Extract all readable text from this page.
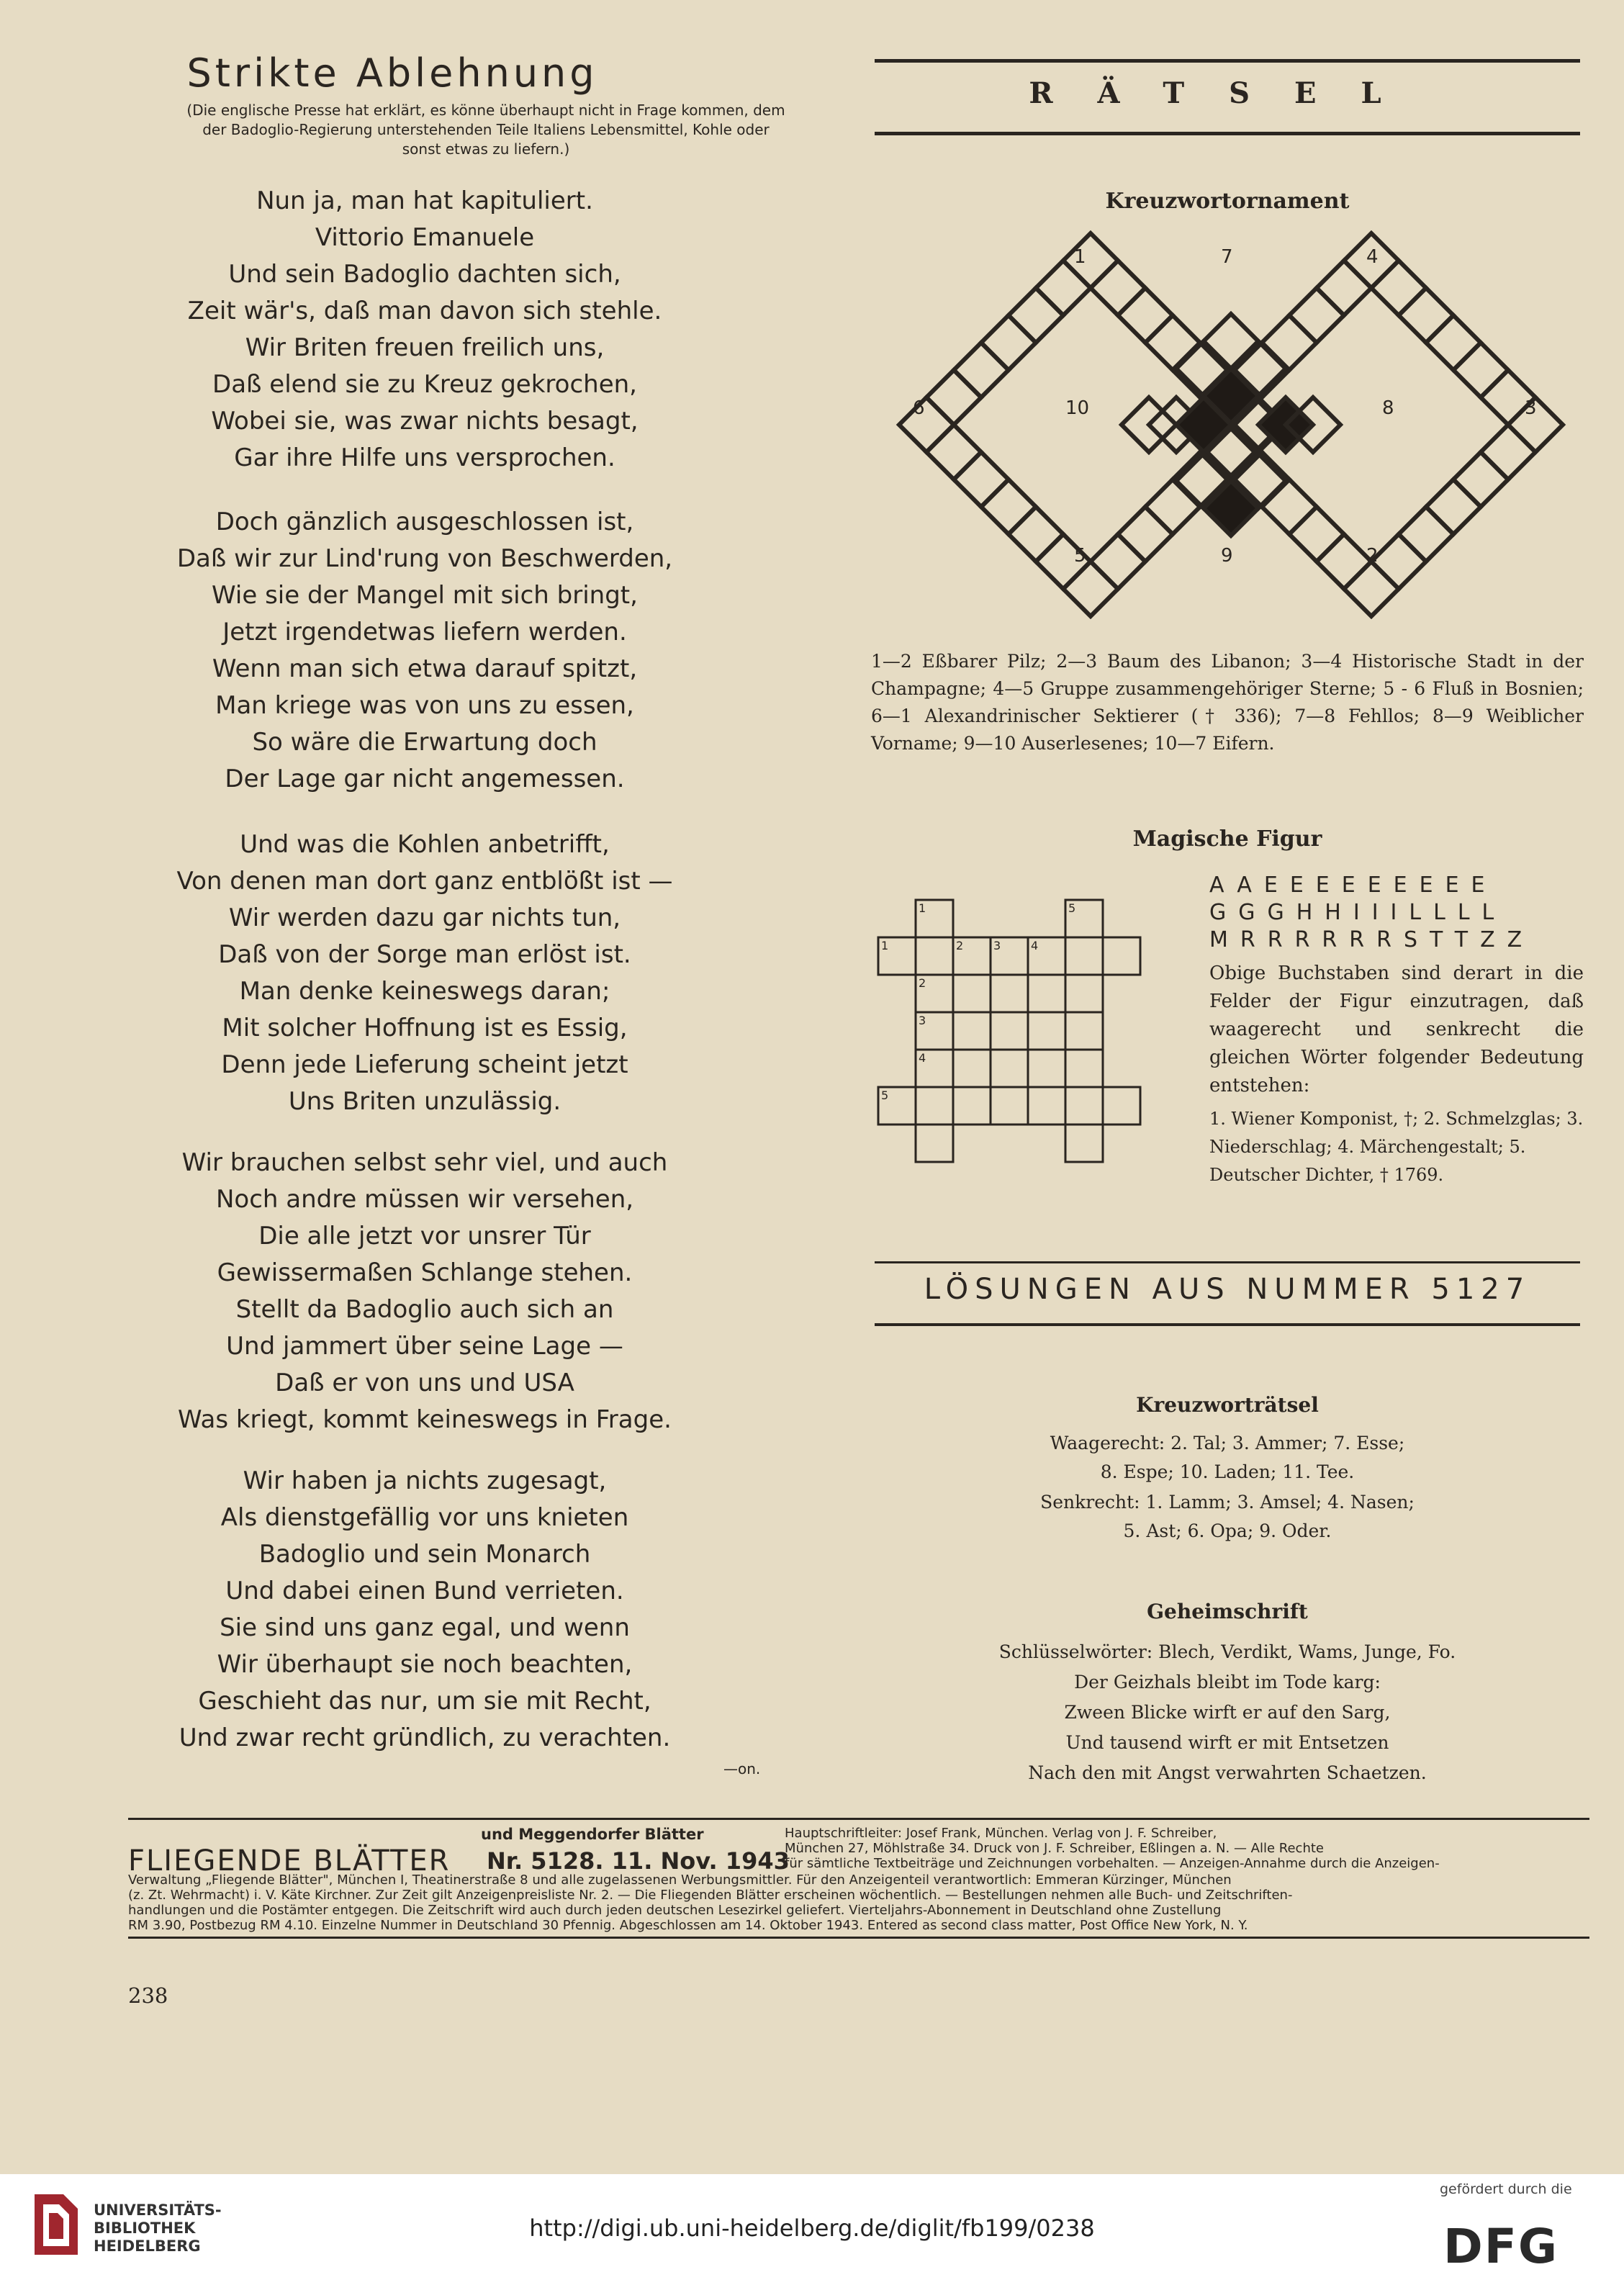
Strikte Ablehnung
(Die englische Presse hat erklärt, es könne überhaupt nicht in Frage kommen, dem
der Badoglio-Regierung unterstehenden Teile Italiens Lebensmittel, Kohle oder
sonst etwas zu liefern.)
Nun ja, man hat kapituliert.
Vittorio Emanuele
Und sein Badoglio dachten sich,
Zeit wär's, daß man davon sich stehle.
Wir Briten freuen freilich uns,
Daß elend sie zu Kreuz gekrochen,
Wobei sie, was zwar nichts besagt,
Gar ihre Hilfe uns versprochen.
Doch gänzlich ausgeschlossen ist,
Daß wir zur Lind'rung von Beschwerden,
Wie sie der Mangel mit sich bringt,
Jetzt irgendetwas liefern werden.
Wenn man sich etwa darauf spitzt,
Man kriege was von uns zu essen,
So wäre die Erwartung doch
Der Lage gar nicht angemessen.
Und was die Kohlen anbetrifft,
Von denen man dort ganz entblößt ist —
Wir werden dazu gar nichts tun,
Daß von der Sorge man erlöst ist.
Man denke keineswegs daran;
Mit solcher Hoffnung ist es Essig,
Denn jede Lieferung scheint jetzt
Uns Briten unzulässig.
Wir brauchen selbst sehr viel, und auch
Noch andre müssen wir versehen,
Die alle jetzt vor unsrer Tür
Gewissermaßen Schlange stehen.
Stellt da Badoglio auch sich an
Und jammert über seine Lage —
Daß er von uns und USA
Was kriegt, kommt keineswegs in Frage.
Wir haben ja nichts zugesagt,
Als dienstgefällig vor uns knieten
Badoglio und sein Monarch
Und dabei einen Bund verrieten.
Sie sind uns ganz egal, und wenn
Wir überhaupt sie noch beachten,
Geschieht das nur, um sie mit Recht,
Und zwar recht gründlich, zu verachten.
—on.
RÄTSEL
Kreuzwortornament
1	7	4
6	10	8	3
5	9	2
1—2 Eßbarer Pilz; 2—3 Baum des Libanon; 3—4 Historische Stadt in der Champagne; 4—5 Gruppe zusammengehöriger Sterne; 5 - 6 Fluß in Bosnien; 6—1 Alexandrinischer Sektierer († 336); 7—8 Fehllos; 8—9 Weiblicher Vorname; 9—10 Auserlesenes; 10—7 Eifern.
Magische Figur
1	5
1	2	3	4
2
3
4
5
AAEEEEEEEEE
GGGHHIIILLLL
MRRRRRRSTTZZ
Obige Buchstaben sind derart in die Felder der Figur einzutragen, daß waagerecht und senkrecht die gleichen Wörter folgender Bedeutung entstehen:
1. Wiener Komponist, †; 2. Schmelzglas; 3. Niederschlag; 4. Märchengestalt; 5. Deutscher Dichter, † 1769.
LÖSUNGEN AUS NUMMER 5127
Kreuzworträtsel
Waagerecht: 2. Tal; 3. Ammer; 7. Esse;
8. Espe; 10. Laden; 11. Tee.
Senkrecht: 1. Lamm; 3. Amsel; 4. Nasen;
5. Ast; 6. Opa; 9. Oder.
Geheimschrift
Schlüsselwörter: Blech, Verdikt, Wams, Junge, Fo.
Der Geizhals bleibt im Tode karg:
Zween Blicke wirft er auf den Sarg,
Und tausend wirft er mit Entsetzen
Nach den mit Angst verwahrten Schaetzen.
FLIEGENDE BLÄTTER
und Meggendorfer Blätter
Nr. 5128. 11. Nov. 1943
Hauptschriftleiter: Josef Frank, München. Verlag von J. F. Schreiber,
München 27, Möhlstraße 34. Druck von J. F. Schreiber, Eßlingen a. N. — Alle Rechte
für sämtliche Textbeiträge und Zeichnungen vorbehalten. — Anzeigen-Annahme durch die Anzeigen-
Verwaltung „Fliegende Blätter", München I, Theatinerstraße 8 und alle zugelassenen Werbungsmittler. Für den Anzeigenteil verantwortlich: Emmeran Kürzinger, München
(z. Zt. Wehrmacht) i. V. Käte Kirchner. Zur Zeit gilt Anzeigenpreisliste Nr. 2. — Die Fliegenden Blätter erscheinen wöchentlich. — Bestellungen nehmen alle Buch- und Zeitschriften-
handlungen und die Postämter entgegen. Die Zeitschrift wird auch durch jeden deutschen Lesezirkel geliefert. Vierteljahrs-Abonnement in Deutschland ohne Zustellung
RM 3.90, Postbezug RM 4.10. Einzelne Nummer in Deutschland 30 Pfennig. Abgeschlossen am 14. Oktober 1943. Entered as second class matter, Post Office New York, N. Y.
238
UNIVERSITÄTS-
BIBLIOTHEK
HEIDELBERG
http://digi.ub.uni-heidelberg.de/diglit/fb199/0238
gefördert durch die
DFG
